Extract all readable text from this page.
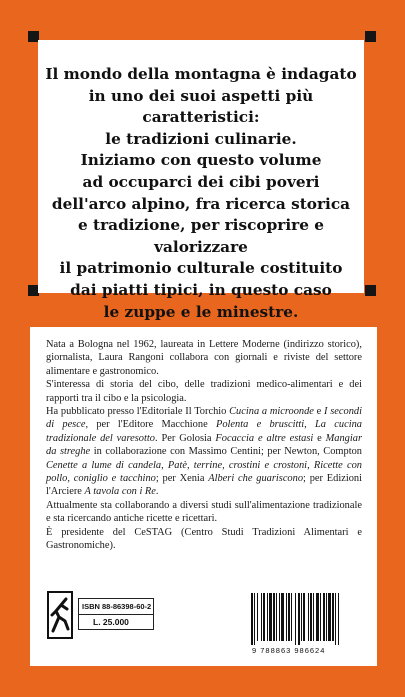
Il mondo della montagna è indagato
in uno dei suoi aspetti più caratteristici:
le tradizioni culinarie.
Iniziamo con questo volume
ad occuparci dei cibi poveri
dell'arco alpino, fra ricerca storica
e tradizione, per riscoprire e valorizzare
il patrimonio culturale costituito
dai piatti tipici, in questo caso
le zuppe e le minestre.

Nata a Bologna nel 1962, laureata in Lettere Moderne (indirizzo storico), giornalista, Laura Rangoni collabora con giornali e riviste del settore alimentare e gastronomico.

S'interessa di storia del cibo, delle tradizioni medico-alimentari e dei rapporti tra il cibo e la psicologia.

Ha pubblicato presso l'Editoriale Il Torchio Cucina a microonde e I secondi di pesce, per l'Editore Macchione Polenta e bruscitti, La cucina tradizionale del varesotto. Per Golosia Focaccia e altre estasi e Mangiar da streghe in collaborazione con Massimo Centini; per Newton, Compton Cenette a lume di candela, Patè, terrine, crostini e crostoni, Ricette con pollo, coniglio e tacchino; per Xenia Alberi che guariscono; per Edizioni l'Arciere A tavola con i Re.

Attualmente sta collaborando a diversi studi sull'alimentazione tradizionale e sta ricercando antiche ricette e ricettari.

È presidente del CeSTAG (Centro Studi Tradizioni Alimentari e Gastronomiche).

ISBN 88-86398-60-2
L. 25.000
9 788863 986624
